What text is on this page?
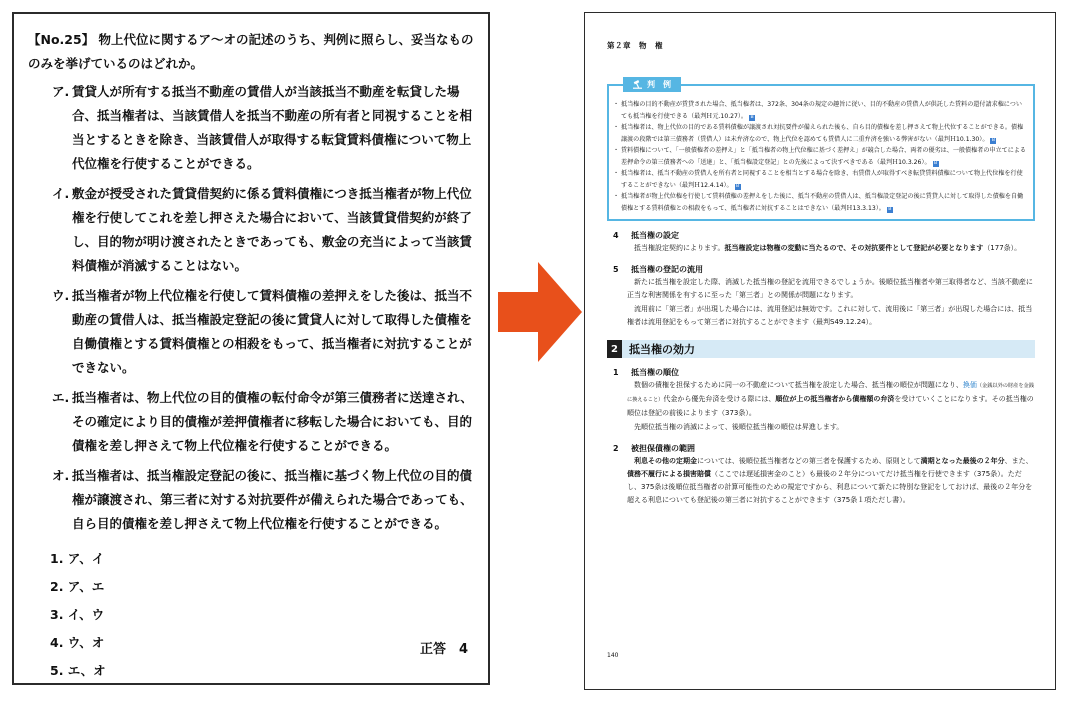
【No.25】 物上代位に関するア～オの記述のうち、判例に照らし、妥当なもののみを挙げているのはどれか。
ア. 賃貸人が所有する抵当不動産の賃借人が当該抵当不動産を転貸した場合、抵当権者は、当該賃借人を抵当不動産の所有者と同視することを相当とするときを除き、当該賃借人が取得する転貸賃料債権について物上代位権を行使することができる。
イ. 敷金が授受された賃貸借契約に係る賃料債権につき抵当権者が物上代位権を行使してこれを差し押さえた場合において、当該賃貸借契約が終了し、目的物が明け渡されたときであっても、敷金の充当によって当該賃料債権が消滅することはない。
ウ. 抵当権者が物上代位権を行使して賃料債権の差押えをした後は、抵当不動産の賃借人は、抵当権設定登記の後に賃貸人に対して取得した債権を自働債権とする賃料債権との相殺をもって、抵当権者に対抗することができない。
エ. 抵当権者は、物上代位の目的債権の転付命令が第三債務者に送達され、その確定により目的債権が差押債権者に移転した場合においても、目的債権を差し押さえて物上代位権を行使することができる。
オ. 抵当権者は、抵当権設定登記の後に、抵当権に基づく物上代位の目的債権が譲渡され、第三者に対する対抗要件が備えられた場合であっても、自ら目的債権を差し押さえて物上代位権を行使することができる。
1. ア、イ
2. ア、エ
3. イ、ウ
4. ウ、オ
5. エ、オ
正答　4
第２章　物　権
判　例
・ 抵当権の目的不動産が賃貸された場合、抵当権者は、372条、304条の規定の趣旨に従い、目的不動産の賃借人が供託した賃料の還付請求権についても抵当権を行使できる（最判Ｈ元.10.27）。 B
・ 抵当権者は、物上代位の目的である賃料債権が譲渡され対抗要件が備えられた後も、自ら目的債権を差し押さえて物上代位することができる。債権譲渡の段階では第三債務者（賃借人）は未弁済なので、物上代位を認めても賃借人に二重弁済を強いる弊害がない（最判Ｈ10.1.30）。 B
・ 賃料債権について、「一般債権者の差押え」と「抵当権者の物上代位権に基づく差押え」が競合した場合、両者の優劣は、一般債権者の申立てによる差押命令の第三債務者への「送達」と、「抵当権設定登記」との先後によって決すべきである（最判Ｈ10.3.26）。 B
・ 抵当権者は、抵当不動産の賃借人を所有者と同視することを相当とする場合を除き、右賃借人が取得すべき転貸賃料債権について物上代位権を行使することができない（最判Ｈ12.4.14）。 B
・ 抵当権者が物上代位権を行使して賃料債権の差押えをした後に、抵当不動産の賃借人は、抵当権設定登記の後に賃貸人に対して取得した債権を自働債権とする賃料債権との相殺をもって、抵当権者に対抗することはできない（最判Ｈ13.3.13）。 B
4 抵当権の設定
抵当権設定契約によります。抵当権設定は物権の変動に当たるので、その対抗要件として登記が必要となります（177条）。
5 抵当権の登記の流用
新たに抵当権を設定した際、消滅した抵当権の登記を流用できるでしょうか。後順位抵当権者や第三取得者など、当該不動産に正当な利害関係を有するに至った「第三者」との関係が問題になります。
流用前に「第三者」が出現した場合には、流用登記は無効です。これに対して、流用後に「第三者」が出現した場合には、抵当権者は流用登記をもって第三者に対抗することができます（最判S49.12.24）。
2	抵当権の効力
1 抵当権の順位
数個の債権を担保するために同一の不動産について抵当権を設定した場合、抵当権の順位が問題になり、換価（金銭以外の財産を金銭に換えること）代金から優先弁済を受ける際には、順位が上の抵当権者から債権額の弁済を受けていくことになります。その抵当権の順位は登記の前後によります（373条）。
先順位抵当権の消滅によって、後順位抵当権の順位は昇進します。
2 被担保債権の範囲
利息その他の定期金については、後順位抵当権者などの第三者を保護するため、原則として満期となった最後の２年分、また、債務不履行による損害賠償（ここでは遅延損害金のこと）も最後の２年分についてだけ抵当権を行使できます（375条）。ただし、375条は後順位抵当権者の計算可能性のための規定ですから、利息について新たに特別な登記をしておけば、最後の２年分を超える利息についても登記後の第三者に対抗することができます（375条１項ただし書）。
140
